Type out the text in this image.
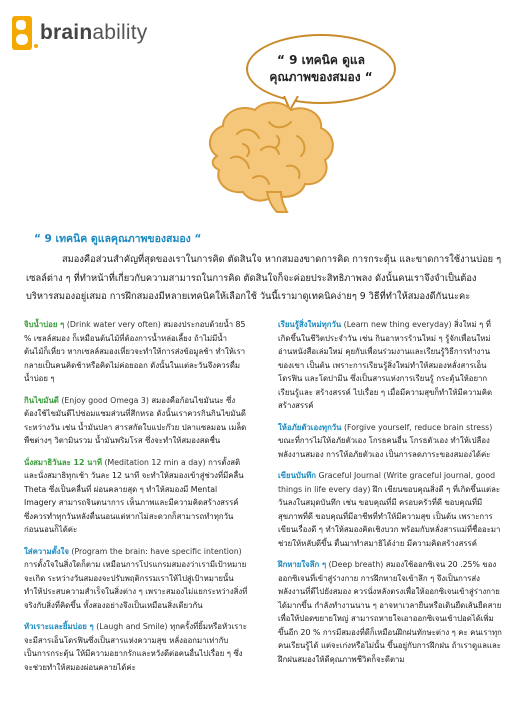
brainability
“ 9 เทคนิค ดูแล
คุณภาพของสมอง “
“ 9 เทคนิค ดูแลคุณภาพของสมอง “

สมองคือส่วนสำคัญที่สุดของเราในการคิด ตัดสินใจ หากสมองขาดการคิด การกระตุ้น และขาดการใช้งานบ่อย ๆ เซลล์ต่าง ๆ ที่ทำหน้าที่เกี่ยวกับความสามารถในการคิด ตัดสินใจก็จะค่อยประสิทธิภาพลง ดังนั้นคนเราจึงจำเป็นต้องบริหารสมองอยู่เสมอ การฝึกสมองมีหลายเทคนิคให้เลือกใช้ วันนี้เรามาดูเทคนิคง่ายๆ 9 วิธีที่ทำให้สมองดีกันนะคะ

จิบน้ำบ่อย ๆ (Drink water very often) สมองประกอบด้วยน้ำ 85 % เซลล์สมอง ก็เหมือนต้นไม้ที่ต้องการน้ำหล่อเลี้ยง ถ้าไม่มีน้ำ ต้นไม้ก็เหี่ยว หากเซลล์สมองเหี่ยวจะทำให้การส่งข้อมูลช้า ทำให้เรากลายเป็นคนคิดช้าหรือคิดไม่ค่อยออก ดังนั้นในแต่ละวันจึงควรดื่มน้ำบ่อย ๆ

กินไขมันดี (Enjoy good Omega 3) สมองคือก้อนไขมันนะ ซึ่งต้องใช้ไขมันดีไปซ่อมแซมส่วนที่สึกหรอ ดังนั้นเราควรกินกินไขมันดีระหว่างวัน เช่น น้ำมันปลา สารสกัดใบแปะก๊วย ปลาแซลมอน เมล็ดพืชต่างๆ วิตามินรวม น้ำมันพริมโรส ซึ่งจะทำให้สมองสดชื่น

นั่งสมาธิวันละ 12 นาที (Meditation 12 min a day) การตั้งสติและนั่งสมาธิทุกเช้า วันละ 12 นาที จะทำให้สมองเข้าสู่ช่วงที่มีคลื่น Theta ซึ่งเป็นคลื่นที่ ผ่อนคลายสุด ๆ ทำให้สมองมี Mental Imagery สามารถจินตนาการ เห็นภาพและมีความคิดสร้างสรรค์ ซึ่งควรทำทุกวันหลังตื่นนอนแต่หากไม่สะดวกก็สามารถทำทุกวันก่อนนอนก็ได้ค่ะ

ใส่ความตั้งใจ (Program the brain: have specific intention) การตั้งใจในสิ่งใดก็ตาม เหมือนการโปรแกรมสมองว่าเรามีเป้าหมายจะเกิด ระหว่างวันสมองจะปรับพฤติกรรมเราให้ไปสู่เป้าหมายนั้น ทำให้ประสบความสำเร็จในสิ่งต่าง ๆ เพราะสมองไม่แยกระหว่างสิ่งที่จริงกับสิ่งที่คิดขึ้น ทั้งสองอย่างจึงเป็นเหมือนสิ่งเดียวกัน

หัวเราะและยิ้มบ่อย ๆ (Laugh and Smile) ทุกครั้งที่ยิ้มหรือหัวเราะ จะมีสารเอ็นโดรฟินซึ่งเป็นสารแห่งความสุข หลั่งออกมาเท่ากับเป็นการกระตุ้น ให้มีความอยากรักและหวังดีต่อคนอื่นไปเรื่อย ๆ ซึ่งจะช่วยทำให้สมองผ่อนคลายได้ค่ะ

เรียนรู้สิ่งใหม่ทุกวัน (Learn new thing everyday) สิ่งใหม่ ๆ ที่เกิดขึ้นในชีวิตประจำวัน เช่น กินอาหารร้านใหม่ ๆ รู้จักเพื่อนใหม่ อ่านหนังสือเล่มใหม่ คุยกับเพื่อนร่วมงานและเรียนรู้วิธีการทำงานของเขา เป็นต้น เพราะการเรียนรู้สิ่งใหม่ทำให้สมองหลั่งสารเอ็นโดรฟิน และโดปามีน ซึ่งเป็นสารแห่งการเรียนรู้ กระตุ้นให้อยากเรียนรู้และ สร้างสรรค์ ไปเรื่อย ๆ เมื่อมีความสุขก็ทำให้มีความคิดสร้างสรรค์

ให้อภัยตัวเองทุกวัน (Forgive yourself, reduce brain stress) ขณะที่การไม่ให้อภัยตัวเอง โกรธคนอื่น โกรธตัวเอง ทำให้เปลืองพลังงานสมอง การให้อภัยตัวเอง เป็นการลดภาระของสมองได้ค่ะ

เขียนบันทึก Graceful Journal (Write graceful journal, good things in life every day) ฝึก เขียนขอบคุณสิ่งดี ๆ ที่เกิดขึ้นแต่ละวันลงในสมุดบันทึก เช่น ขอบคุณที่มี ครอบครัวที่ดี ขอบคุณที่มีสุขภาพที่ดี ขอบคุณที่มีอาชีพที่ทำให้มีความสุข เป็นต้น เพราะการเขียนเรื่องดี ๆ ทำให้สมองคิดเชิงบวก พร้อมกับหลั่งสารแม่ที่ชื่ออะมา ช่วยให้หลับดีขึ้น ตื่นมาทำสมาธิได้ง่าย มีความคิดสร้างสรรค์

ฝึกหายใจลึก ๆ (Deep breath) สมองใช้ออกซิเจน 20 .25% ของออกซิเจนที่เข้าสู่ร่างกาย การฝึกหายใจเข้าลึก ๆ จึงเป็นการส่งพลังงานที่ดีไปยังสมอง ควรนั่งหลังตรงเพื่อให้ออกซิเจนเข้าสู่ร่างกายได้มากขึ้น กำลังทำงานนาน ๆ อาจหาเวลายืนหรือเดินยืดเส้นยืดสายเพื่อให้ปอดขยายใหญ่ สามารถหายใจเอาออกซิเจนเข้าปอดได้เพิ่มขึ้นอีก 20 % การมีสมองที่ดีก็เหมือนฝึกฝนทักษะต่าง ๆ คะ คนเราทุกคนเรียนรู้ได้ แต่จะเก่งหรือไม่นั้น ขึ้นอยู่กับการฝึกฝน ถ้าเราดูแลและฝึกฝนสมองให้ดีคุณภาพชีวิตก็จะดีตาม
